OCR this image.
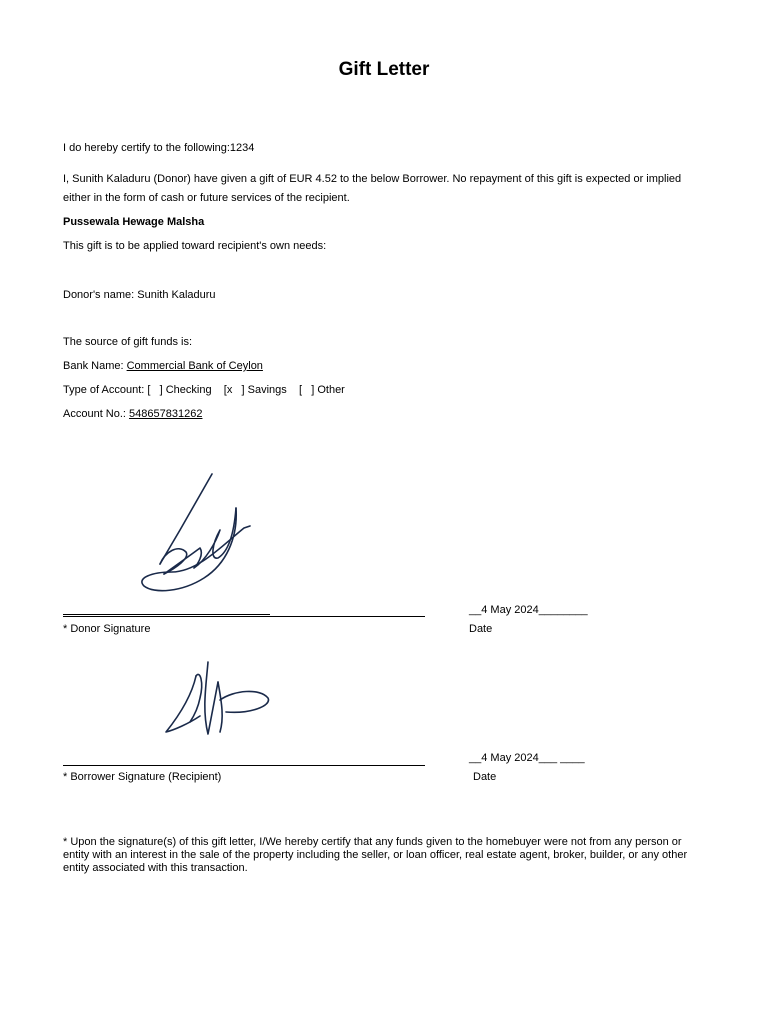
Gift Letter
I do hereby certify to the following:1234
I, Sunith Kaladuru (Donor) have given a gift of EUR 4.52 to the below Borrower. No repayment of this gift is expected or implied either in the form of cash or future services of the recipient.
Pussewala Hewage Malsha
This gift is to be applied toward recipient's own needs:
Donor's name: Sunith Kaladuru
The source of gift funds is:
Bank Name: Commercial Bank of Ceylon
Type of Account: [   ] Checking    [x   ] Savings    [   ] Other
Account No.: 548657831262
__4 May 2024________
* Donor Signature	Date
__4 May 2024___ ____
* Borrower Signature (Recipient)	Date
* Upon the signature(s) of this gift letter, I/We hereby certify that any funds given to the homebuyer were not from any person or entity with an interest in the sale of the property including the seller, or loan officer, real estate agent, broker, builder, or any other entity associated with this transaction.
